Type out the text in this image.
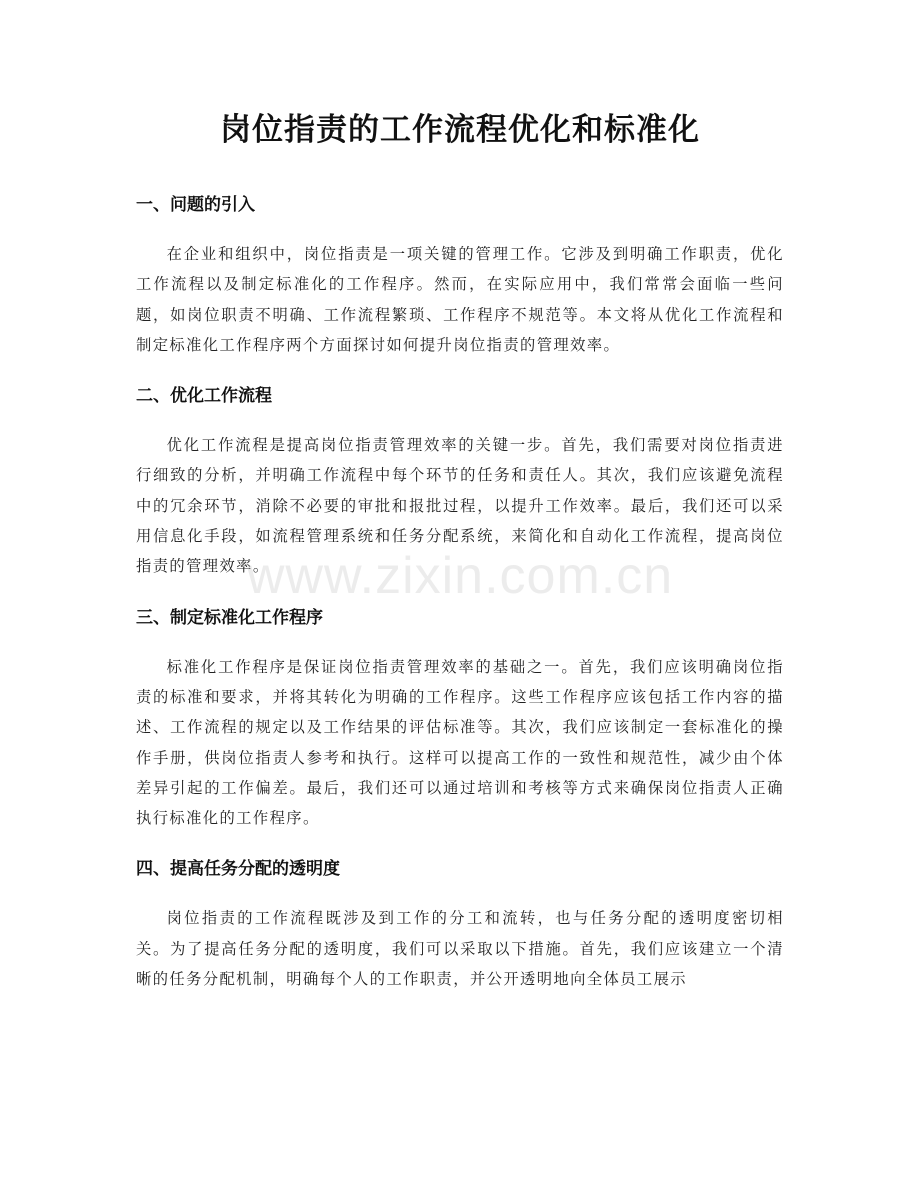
岗位指责的工作流程优化和标准化
一、问题的引入

在企业和组织中，岗位指责是一项关键的管理工作。它涉及到明确工作职责，优化工作流程以及制定标准化的工作程序。然而，在实际应用中，我们常常会面临一些问题，如岗位职责不明确、工作流程繁琐、工作程序不规范等。本文将从优化工作流程和制定标准化工作程序两个方面探讨如何提升岗位指责的管理效率。

二、优化工作流程

优化工作流程是提高岗位指责管理效率的关键一步。首先，我们需要对岗位指责进行细致的分析，并明确工作流程中每个环节的任务和责任人。其次，我们应该避免流程中的冗余环节，消除不必要的审批和报批过程，以提升工作效率。最后，我们还可以采用信息化手段，如流程管理系统和任务分配系统，来简化和自动化工作流程，提高岗位指责的管理效率。

三、制定标准化工作程序

标准化工作程序是保证岗位指责管理效率的基础之一。首先，我们应该明确岗位指责的标准和要求，并将其转化为明确的工作程序。这些工作程序应该包括工作内容的描述、工作流程的规定以及工作结果的评估标准等。其次，我们应该制定一套标准化的操作手册，供岗位指责人参考和执行。这样可以提高工作的一致性和规范性，减少由个体差异引起的工作偏差。最后，我们还可以通过培训和考核等方式来确保岗位指责人正确执行标准化的工作程序。

四、提高任务分配的透明度

岗位指责的工作流程既涉及到工作的分工和流转，也与任务分配的透明度密切相关。为了提高任务分配的透明度，我们可以采取以下措施。首先，我们应该建立一个清晰的任务分配机制，明确每个人的工作职责，并公开透明地向全体员工展示

www.zixin.com.cn
